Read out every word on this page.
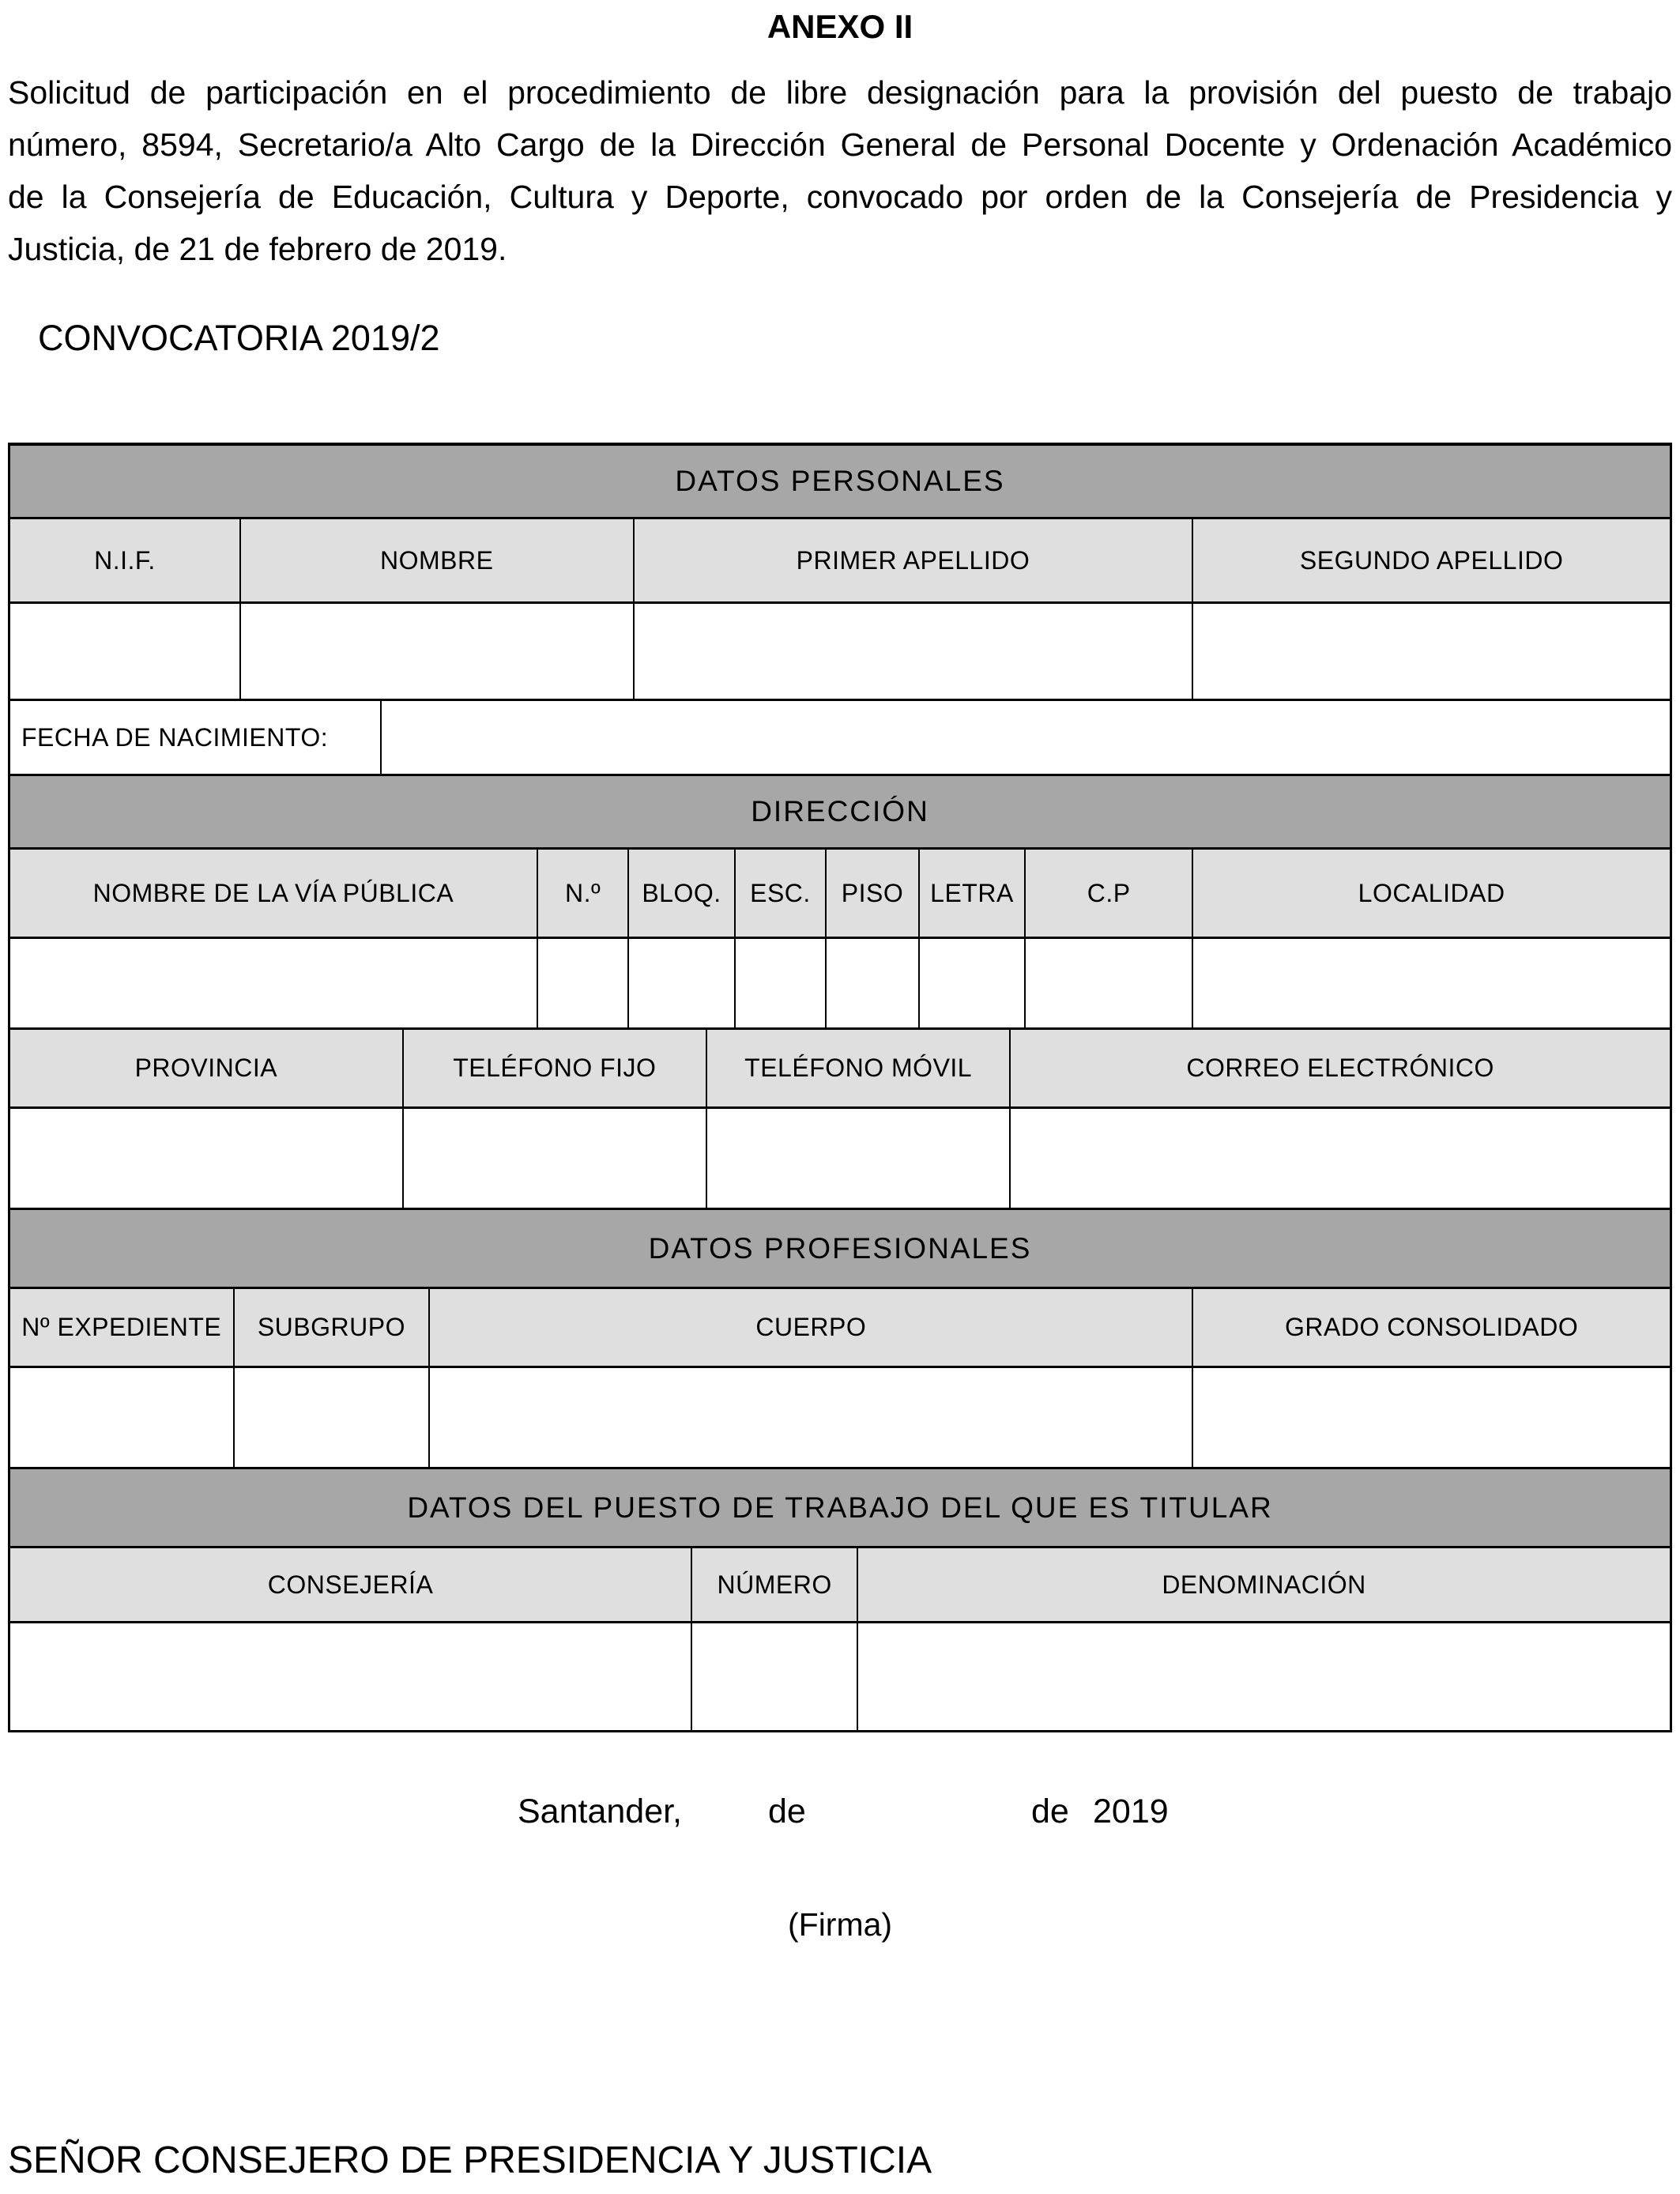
ANEXO II
Solicitud de participación en el procedimiento de libre designación para la provisión del puesto de trabajo
número, 8594, Secretario/a Alto Cargo de la Dirección General de Personal Docente y Ordenación Académico
de la Consejería de Educación, Cultura y Deporte, convocado por orden de la Consejería de Presidencia y
Justicia, de 21 de febrero de 2019.
CONVOCATORIA 2019/2
DATOS PERSONALES
N.I.F.	NOMBRE	PRIMER APELLIDO	SEGUNDO APELLIDO
FECHA DE NACIMIENTO:
DIRECCIÓN
NOMBRE DE LA VÍA PÚBLICA	N.º	BLOQ.	ESC.	PISO	LETRA	C.P	LOCALIDAD
PROVINCIA	TELÉFONO FIJO	TELÉFONO MÓVIL	CORREO ELECTRÓNICO
DATOS PROFESIONALES
Nº EXPEDIENTE	SUBGRUPO	CUERPO	GRADO CONSOLIDADO
DATOS DEL PUESTO DE TRABAJO DEL QUE ES TITULAR
CONSEJERÍA	NÚMERO	DENOMINACIÓN
Santander,	de	de 2019
(Firma)
SEÑOR CONSEJERO DE PRESIDENCIA Y JUSTICIA
